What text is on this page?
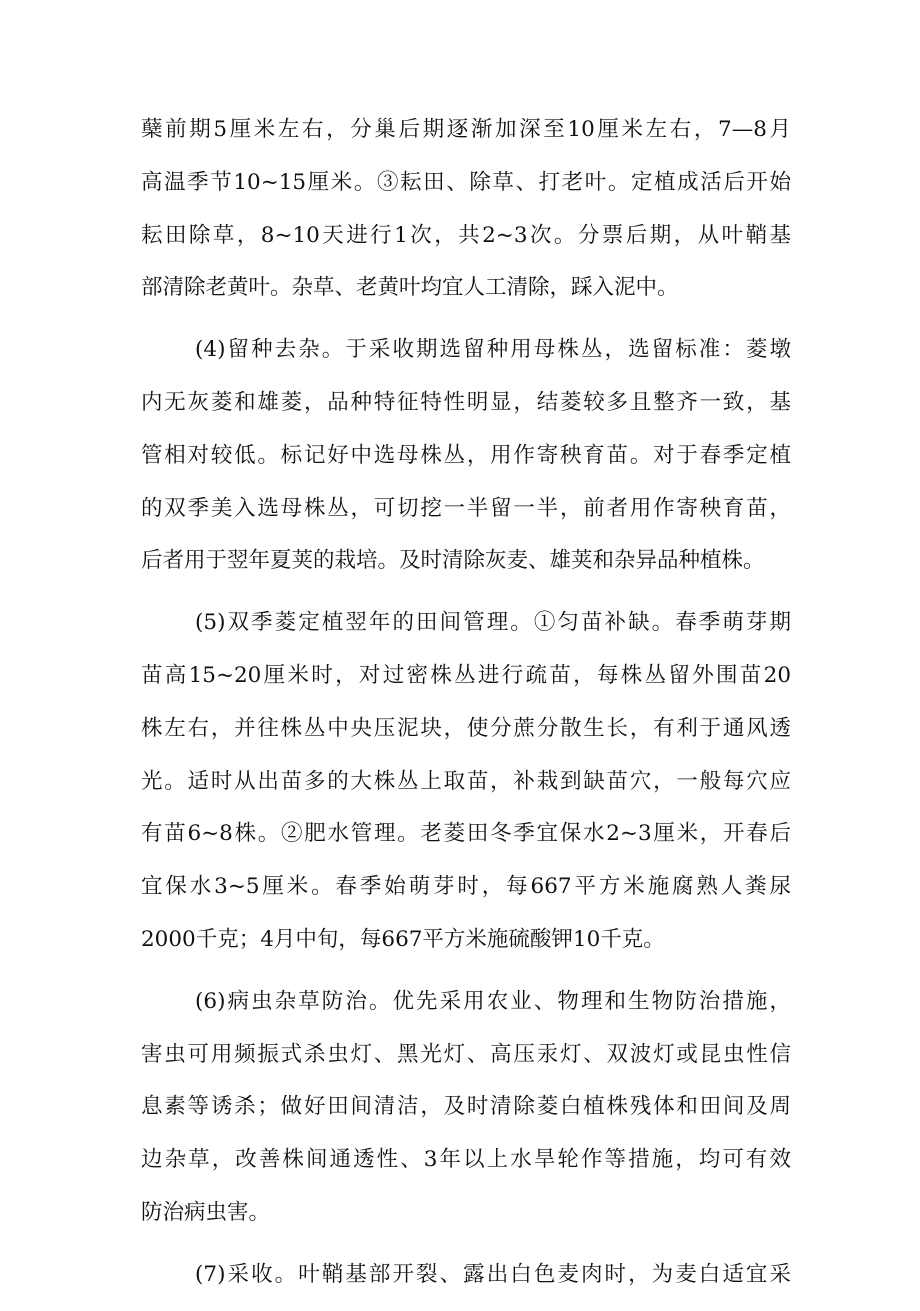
蘖前期5厘米左右，分巢后期逐渐加深至10厘米左右，7—8月
高温季节10~15厘米。③耘田、除草、打老叶。定植成活后开始
耘田除草，8~10天进行1次，共2~3次。分票后期，从叶鞘基
部清除老黄叶。杂草、老黄叶均宜人工清除，踩入泥中。

(4)留种去杂。于采收期选留种用母株丛，选留标准：菱墩
内无灰菱和雄菱，品种特征特性明显，结菱较多且整齐一致，基
管相对较低。标记好中选母株丛，用作寄秧育苗。对于春季定植
的双季美入选母株丛，可切挖一半留一半，前者用作寄秧育苗，
后者用于翌年夏荚的栽培。及时清除灰麦、雄荚和杂异品种植株。

(5)双季菱定植翌年的田间管理。①匀苗补缺。春季萌芽期
苗高15~20厘米时，对过密株丛进行疏苗，每株丛留外围苗20
株左右，并往株丛中央压泥块，使分蔗分散生长，有利于通风透
光。适时从出苗多的大株丛上取苗，补栽到缺苗穴，一般每穴应
有苗6~8株。②肥水管理。老菱田冬季宜保水2~3厘米，开春后
宜保水3~5厘米。春季始萌芽时，每667平方米施腐熟人粪尿
2000千克；4月中旬，每667平方米施硫酸钾10千克。

(6)病虫杂草防治。优先采用农业、物理和生物防治措施，
害虫可用频振式杀虫灯、黑光灯、高压汞灯、双波灯或昆虫性信
息素等诱杀；做好田间清洁，及时清除菱白植株残体和田间及周
边杂草，改善株间通透性、3年以上水旱轮作等措施，均可有效
防治病虫害。

(7)采收。叶鞘基部开裂、露出白色麦肉时，为麦白适宜采
